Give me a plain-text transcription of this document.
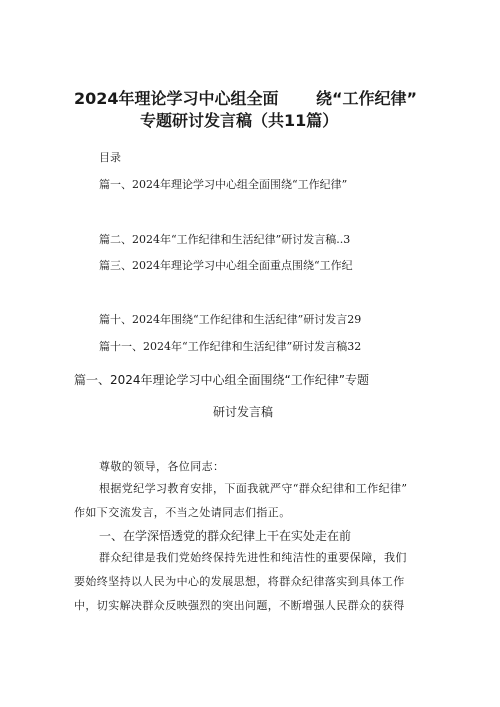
2024年理论学习中心组全面 绕“工作纪律”
专题研讨发言稿（共11篇）
目录
篇一、2024年理论学习中心组全面围绕“工作纪律”
篇二、2024年“工作纪律和生活纪律”研讨发言稿..3
篇三、2024年理论学习中心组全面重点围绕“工作纪
篇十、2024年围绕“工作纪律和生活纪律”研讨发言29
篇十一、2024年“工作纪律和生活纪律”研讨发言稿32
篇一、2024年理论学习中心组全面围绕“工作纪律”专题
研讨发言稿
尊敬的领导，各位同志：
根据党纪学习教育安排，下面我就严守“群众纪律和工作纪律”
作如下交流发言，不当之处请同志们指正。
一、在学深悟透党的群众纪律上干在实处走在前
群众纪律是我们党始终保持先进性和纯洁性的重要保障，我们
要始终坚持以人民为中心的发展思想，将群众纪律落实到具体工作
中，切实解决群众反映强烈的突出问题，不断增强人民群众的获得
